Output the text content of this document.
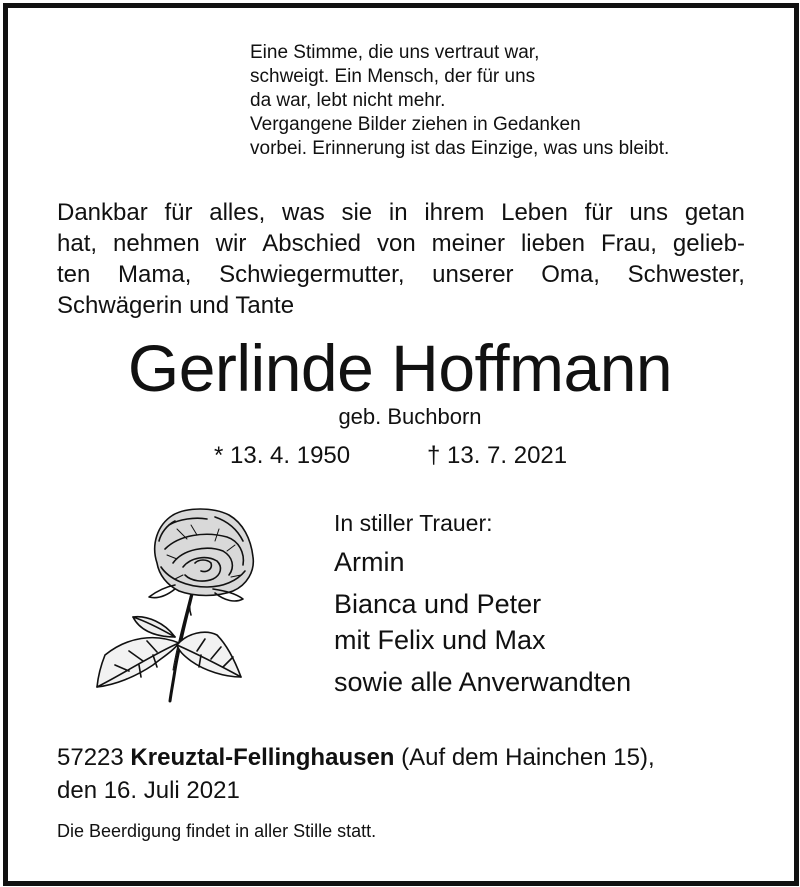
Eine Stimme, die uns vertraut war,
schweigt. Ein Mensch, der für uns
da war, lebt nicht mehr.
Vergangene Bilder ziehen in Gedanken
vorbei. Erinnerung ist das Einzige, was uns bleibt.
Dankbar für alles, was sie in ihrem Leben für uns getan
hat, nehmen wir Abschied von meiner lieben Frau, gelieb-
ten Mama, Schwiegermutter, unserer Oma, Schwester,
Schwägerin und Tante
Gerlinde Hoffmann
geb. Buchborn
* 13. 4. 1950	† 13. 7. 2021
In stiller Trauer:
Armin
Bianca und Peter
mit Felix und Max
sowie alle Anverwandten
57223 Kreuztal-Fellinghausen (Auf dem Hainchen 15),
den 16. Juli 2021
Die Beerdigung findet in aller Stille statt.
